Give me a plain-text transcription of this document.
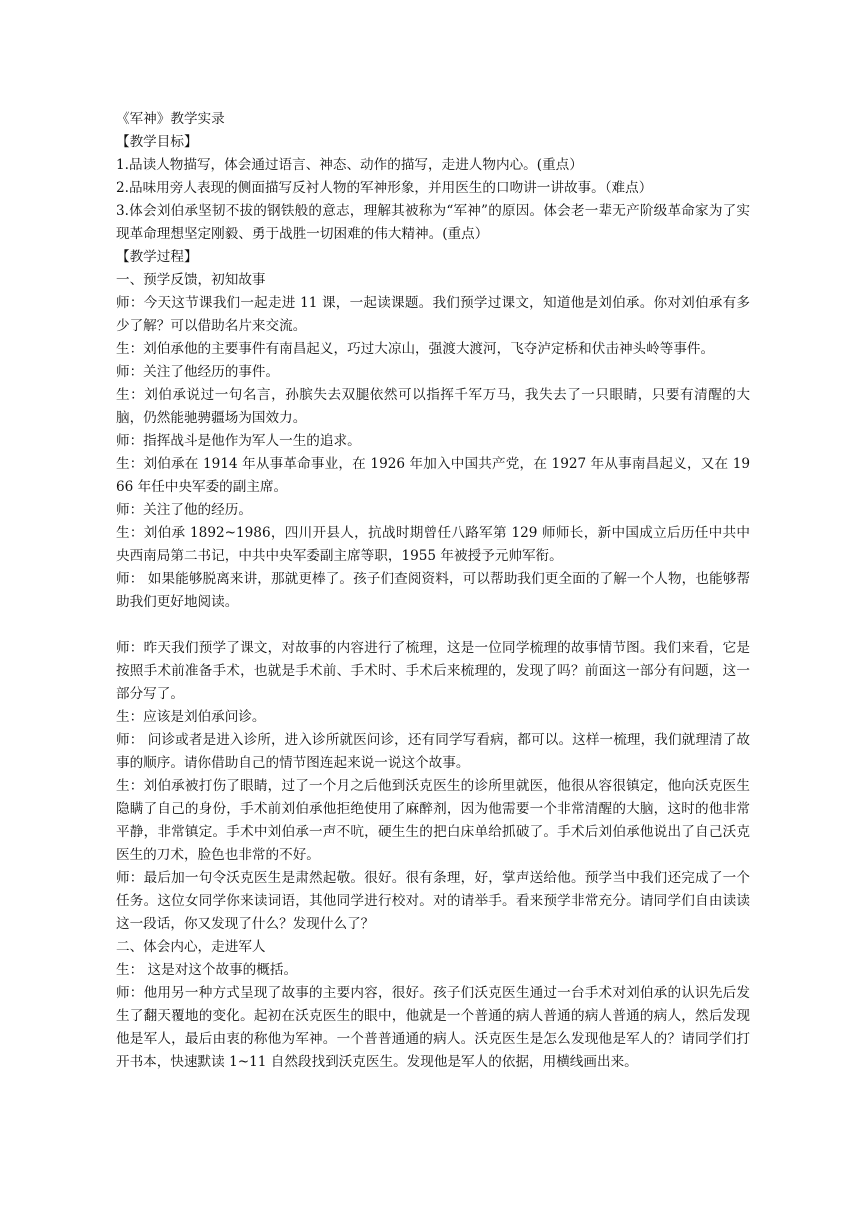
《军神》教学实录
【教学目标】
1.品读人物描写，体会通过语言、神态、动作的描写，走进人物内心。(重点）
2.品味用旁人表现的侧面描写反衬人物的军神形象，并用医生的口吻讲一讲故事。（难点）
3.体会刘伯承坚韧不拔的钢铁般的意志，理解其被称为“军神”的原因。体会老一辈无产阶级革命家为了实现革命理想坚定刚毅、勇于战胜一切困难的伟大精神。(重点）
【教学过程】
一、预学反馈，初知故事
师：今天这节课我们一起走进 11 课，一起读课题。我们预学过课文，知道他是刘伯承。你对刘伯承有多少了解？可以借助名片来交流。
生：刘伯承他的主要事件有南昌起义，巧过大凉山，强渡大渡河，飞夺泸定桥和伏击神头岭等事件。
师：关注了他经历的事件。
生：刘伯承说过一句名言，孙膑失去双腿依然可以指挥千军万马，我失去了一只眼睛，只要有清醒的大脑，仍然能驰骋疆场为国效力。
师：指挥战斗是他作为军人一生的追求。
生：刘伯承在 1914 年从事革命事业，在 1926 年加入中国共产党，在 1927 年从事南昌起义，又在 1966 年任中央军委的副主席。
师：关注了他的经历。
生：刘伯承 1892~1986，四川开县人，抗战时期曾任八路军第 129 师师长，新中国成立后历任中共中央西南局第二书记，中共中央军委副主席等职，1955 年被授予元帅军衔。
师： 如果能够脱离来讲，那就更棒了。孩子们查阅资料，可以帮助我们更全面的了解一个人物，也能够帮助我们更好地阅读。
师：昨天我们预学了课文，对故事的内容进行了梳理，这是一位同学梳理的故事情节图。我们来看，它是按照手术前准备手术，也就是手术前、手术时、手术后来梳理的，发现了吗？前面这一部分有问题，这一部分写了。
生：应该是刘伯承问诊。
师： 问诊或者是进入诊所，进入诊所就医问诊，还有同学写看病，都可以。这样一梳理，我们就理清了故事的顺序。请你借助自己的情节图连起来说一说这个故事。
生：刘伯承被打伤了眼睛，过了一个月之后他到沃克医生的诊所里就医，他很从容很镇定，他向沃克医生隐瞒了自己的身份，手术前刘伯承他拒绝使用了麻醉剂，因为他需要一个非常清醒的大脑，这时的他非常平静，非常镇定。手术中刘伯承一声不吭，硬生生的把白床单给抓破了。手术后刘伯承他说出了自己沃克医生的刀术，脸色也非常的不好。
师：最后加一句令沃克医生是肃然起敬。很好。很有条理，好，掌声送给他。预学当中我们还完成了一个任务。这位女同学你来读词语，其他同学进行校对。对的请举手。看来预学非常充分。请同学们自由读读这一段话，你又发现了什么？发现什么了？
二、体会内心，走进军人
生： 这是对这个故事的概括。
师：他用另一种方式呈现了故事的主要内容，很好。孩子们沃克医生通过一台手术对刘伯承的认识先后发生了翻天覆地的变化。起初在沃克医生的眼中，他就是一个普通的病人普通的病人普通的病人，然后发现他是军人，最后由衷的称他为军神。一个普普通通的病人。沃克医生是怎么发现他是军人的？请同学们打开书本，快速默读 1~11 自然段找到沃克医生。发现他是军人的依据，用横线画出来。
